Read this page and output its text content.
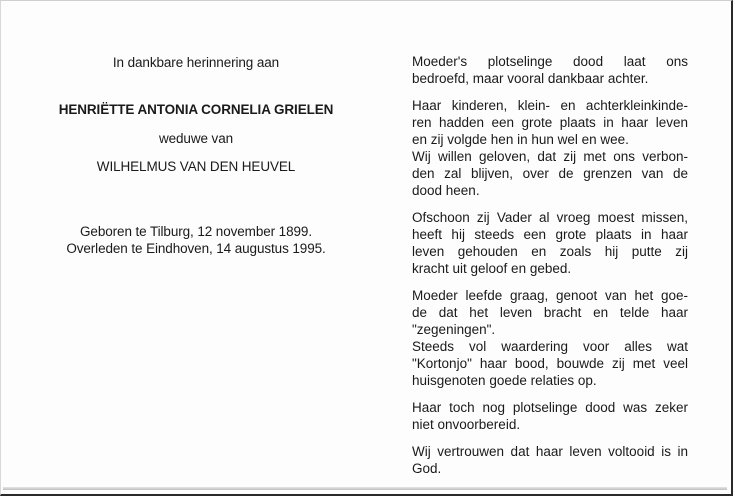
In dankbare herinnering aan
HENRIËTTE ANTONIA CORNELIA GRIELEN
weduwe van
WILHELMUS VAN DEN HEUVEL
Geboren te Tilburg, 12 november 1899.
Overleden te Eindhoven, 14 augustus 1995.

Moeder's plotselinge dood laat ons
bedroefd, maar vooral dankbaar achter.

Haar kinderen, klein- en achterkleinkinde-
ren hadden een grote plaats in haar leven
en zij volgde hen in hun wel en wee.
Wij willen geloven, dat zij met ons verbon-
den zal blijven, over de grenzen van de
dood heen.

Ofschoon zij Vader al vroeg moest missen,
heeft hij steeds een grote plaats in haar
leven gehouden en zoals hij putte zij
kracht uit geloof en gebed.

Moeder leefde graag, genoot van het goe-
de dat het leven bracht en telde haar
"zegeningen".
Steeds vol waardering voor alles wat
"Kortonjo" haar bood, bouwde zij met veel
huisgenoten goede relaties op.

Haar toch nog plotselinge dood was zeker
niet onvoorbereid.

Wij vertrouwen dat haar leven voltooid is in
God.
